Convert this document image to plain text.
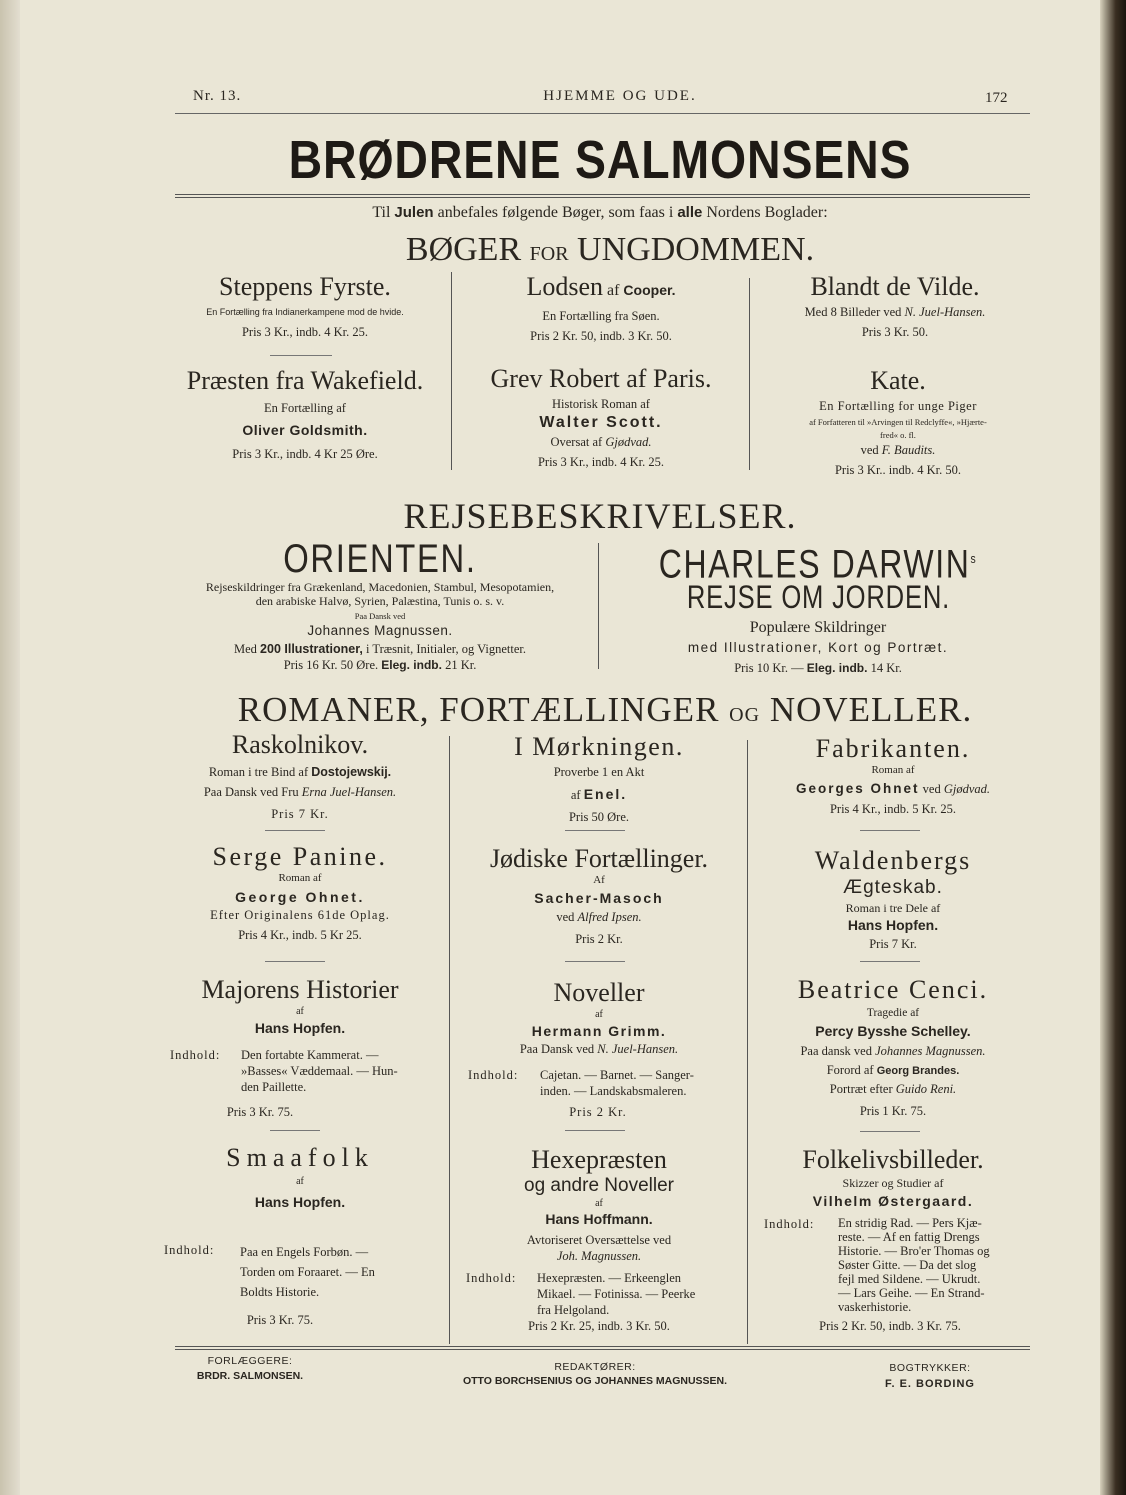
Nr. 13.	HJEMME OG UDE.	172
BRØDRENE SALMONSENS
Til Julen anbefales følgende Bøger, som faas i alle Nordens Boglader:
BØGER FOR UNGDOMMEN.
Steppens Fyrste.
En Fortælling fra Indianerkampene mod de hvide.
Pris 3 Kr., indb. 4 Kr. 25.
Lodsen af Cooper.
En Fortælling fra Søen.
Pris 2 Kr. 50, indb. 3 Kr. 50.
Blandt de Vilde.
Med 8 Billeder ved N. Juel-Hansen.
Pris 3 Kr. 50.
Præsten fra Wakefield.
En Fortælling af
Oliver Goldsmith.
Pris 3 Kr., indb. 4 Kr 25 Øre.
Grev Robert af Paris.
Historisk Roman af
Walter Scott.
Oversat af Gjødvad.
Pris 3 Kr., indb. 4 Kr. 25.
Kate.
En Fortælling for unge Piger
af Forfatteren til »Arvingen til Redclyffe«, »Hjærte-
fred« o. fl.
ved F. Baudits.
Pris 3 Kr.. indb. 4 Kr. 50.
REJSEBESKRIVELSER.
ORIENTEN.
Rejseskildringer fra Grækenland, Macedonien, Stambul, Mesopotamien,
den arabiske Halvø, Syrien, Palæstina, Tunis o. s. v.
Paa Dansk ved
Johannes Magnussen.
Med 200 Illustrationer, i Træsnit, Initialer, og Vignetter.
Pris 16 Kr. 50 Øre. Eleg. indb. 21 Kr.
CHARLES DARWIN$^s$
REJSE OM JORDEN.
Populære Skildringer
med Illustrationer, Kort og Portræt.
Pris 10 Kr. — Eleg. indb. 14 Kr.
ROMANER, FORTÆLLINGER OG NOVELLER.
Raskolnikov.
Roman i tre Bind af Dostojewskij.
Paa Dansk ved Fru Erna Juel-Hansen.
Pris 7 Kr.
I Mørkningen.
Proverbe 1 en Akt
af Enel.
Pris 50 Øre.
Fabrikanten.
Roman af
Georges Ohnet ved Gjødvad.
Pris 4 Kr., indb. 5 Kr. 25.
Serge Panine.
Roman af
George Ohnet.
Efter Originalens 61de Oplag.
Pris 4 Kr., indb. 5 Kr 25.
Jødiske Fortællinger.
Af
Sacher-Masoch
ved Alfred Ipsen.
Pris 2 Kr.
Waldenbergs
Ægteskab.
Roman i tre Dele af
Hans Hopfen.
Pris 7 Kr.
Majorens Historier
af
Hans Hopfen.
Indhold:	Den fortabte Kammerat. —
»Basses« Væddemaal. — Hun-
den Paillette.
Pris 3 Kr. 75.
Noveller
af
Hermann Grimm.
Paa Dansk ved N. Juel-Hansen.
Indhold:	Cajetan. — Barnet. — Sanger-
inden. — Landskabsmaleren.
Pris 2 Kr.
Beatrice Cenci.
Tragedie af
Percy Bysshe Schelley.
Paa dansk ved Johannes Magnussen.
Forord af Georg Brandes.
Portræt efter Guido Reni.
Pris 1 Kr. 75.
Smaafolk
af
Hans Hopfen.
Indhold:	Paa en Engels Forbøn. —
Torden om Foraaret. — En
Boldts Historie.
Pris 3 Kr. 75.
Hexepræsten
og andre Noveller
af
Hans Hoffmann.
Avtoriseret Oversættelse ved
Joh. Magnussen.
Indhold:	Hexepræsten. — Erkeenglen
Mikael. — Fotinissa. — Peerke
fra Helgoland.
Pris 2 Kr. 25, indb. 3 Kr. 50.
Folkelivsbilleder.
Skizzer og Studier af
Vilhelm Østergaard.
Indhold:	En stridig Rad. — Pers Kjæ-
reste. — Af en fattig Drengs
Historie. — Bro'er Thomas og
Søster Gitte. — Da det slog
fejl med Sildene. — Ukrudt.
— Lars Geihe. — En Strand-
vaskerhistorie.
Pris 2 Kr. 50, indb. 3 Kr. 75.
FORLÆGGERE:
BRDR. SALMONSEN.
REDAKTØRER:
OTTO BORCHSENIUS OG JOHANNES MAGNUSSEN.
BOGTRYKKER:
F. E. BORDING
